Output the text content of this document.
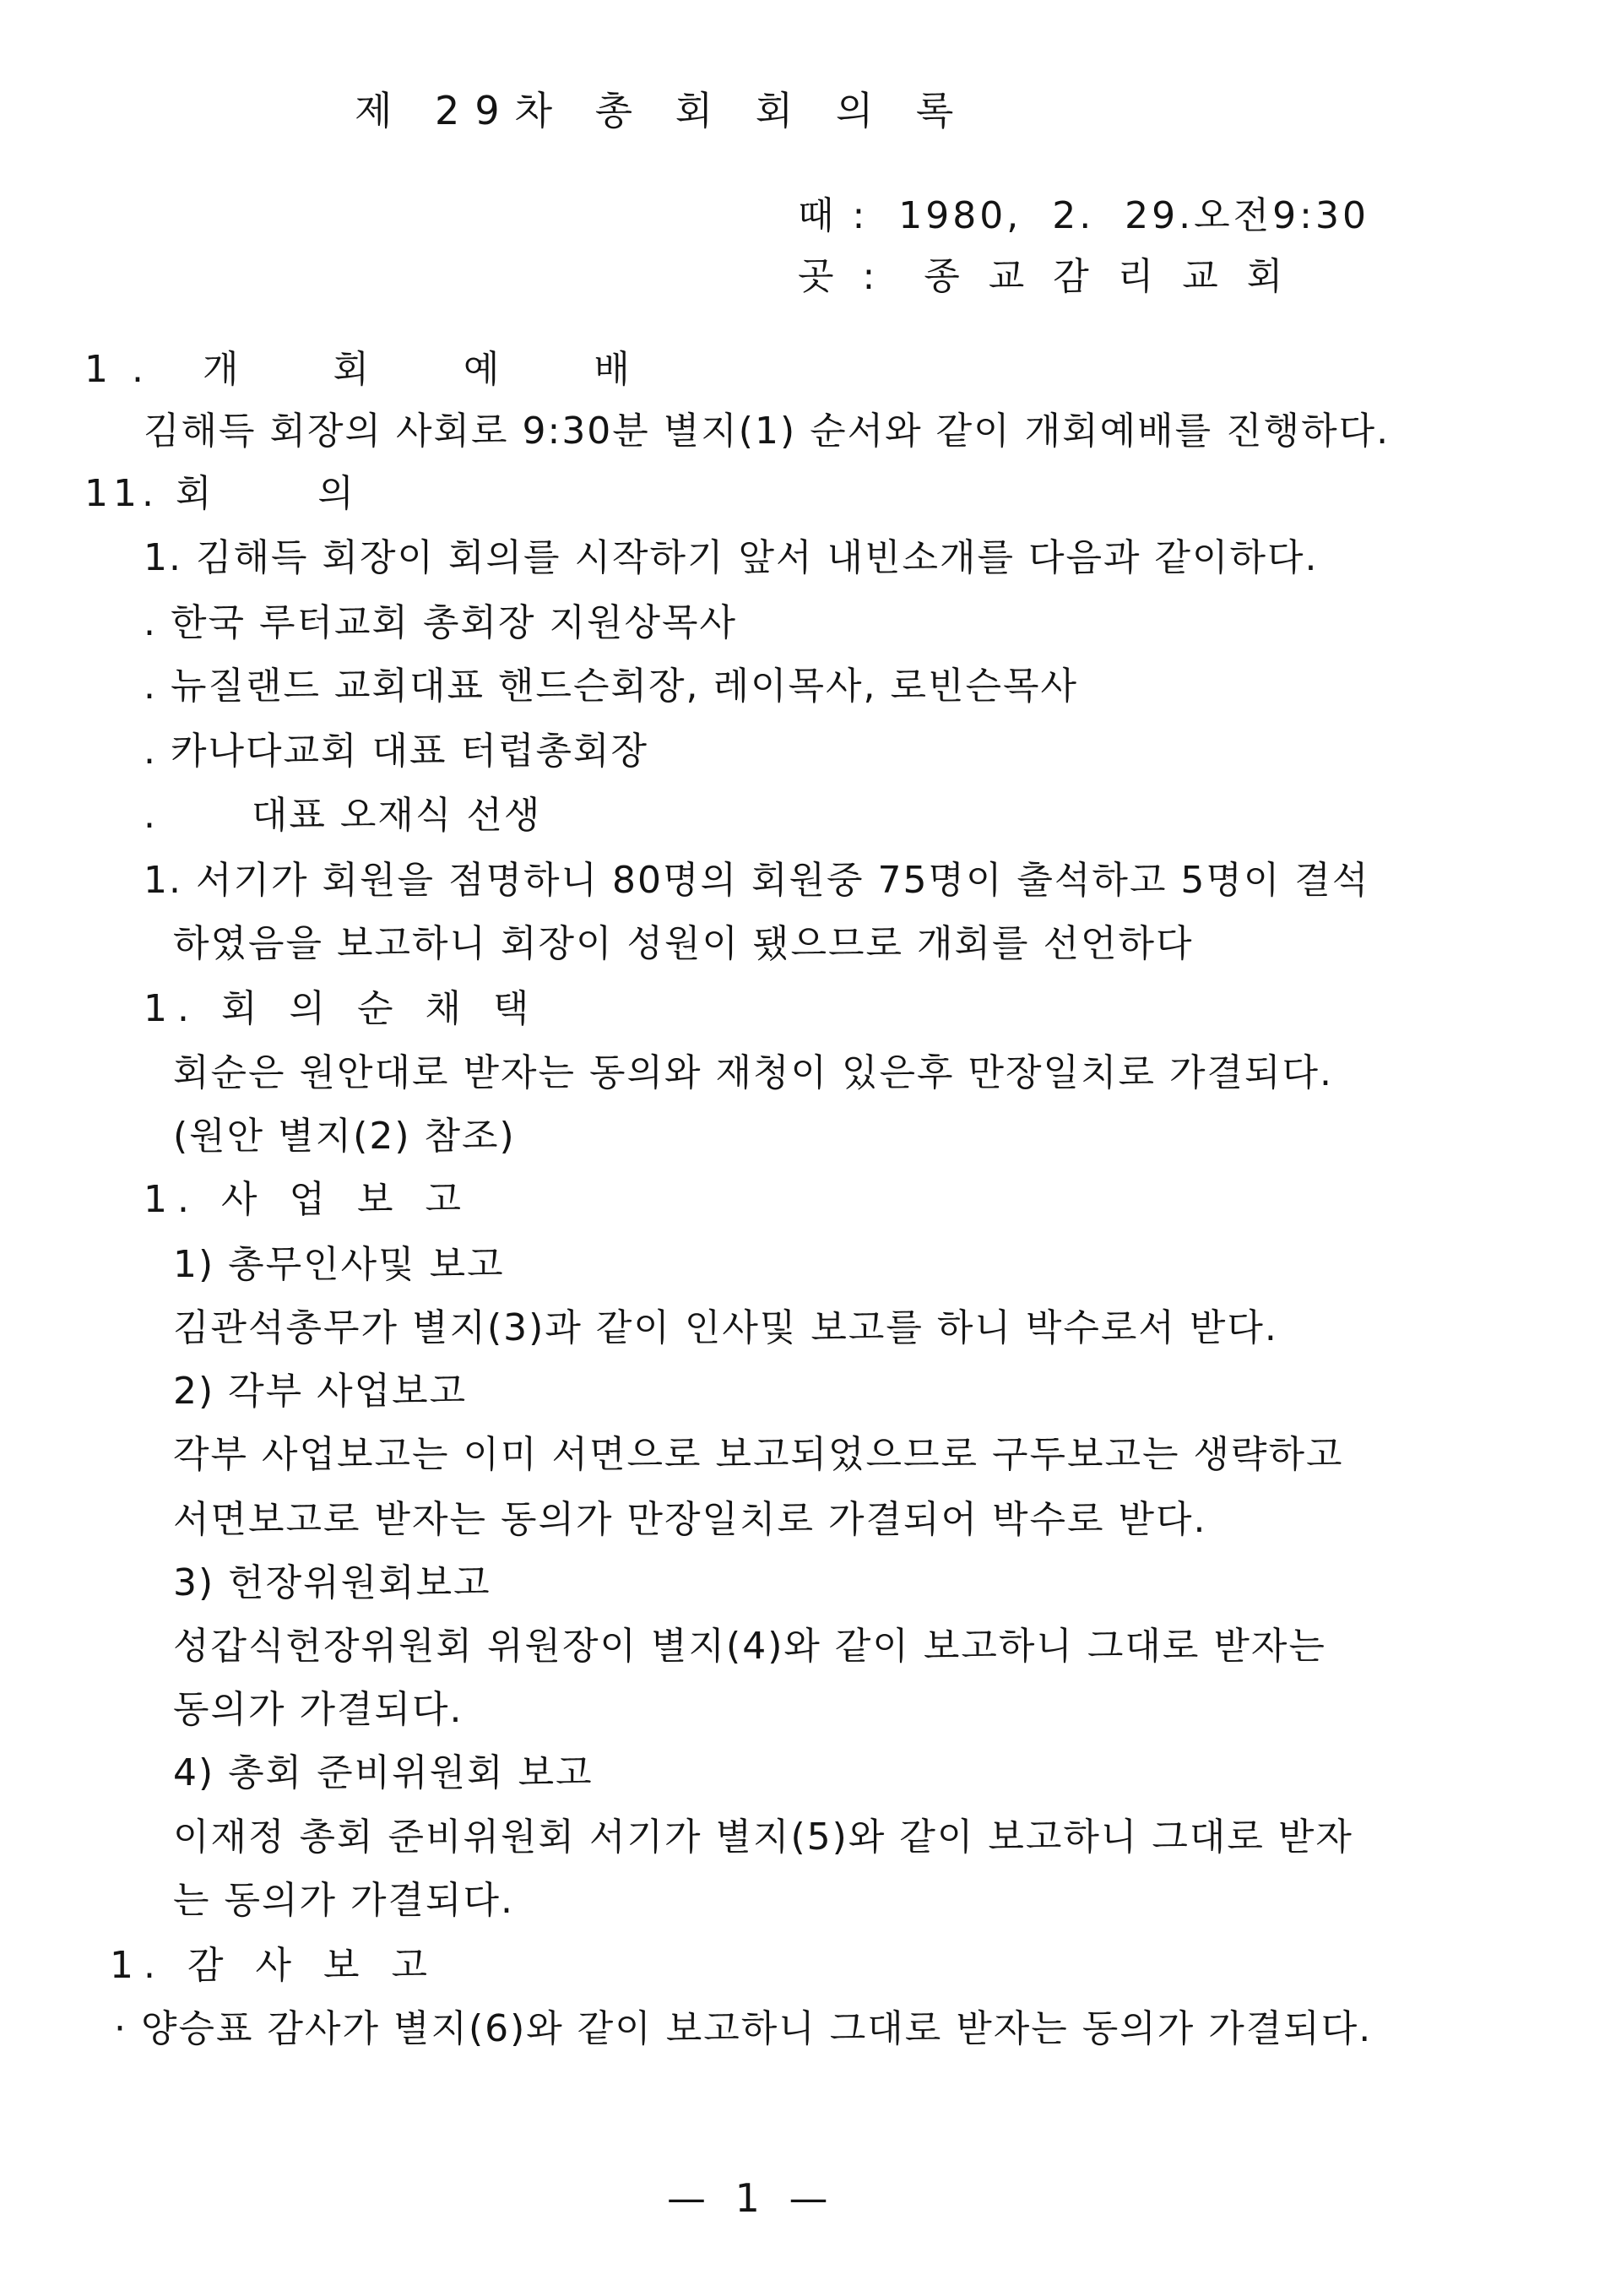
제 29차 총 회 회 의 록
때 :  1980,  2.  29.오전9:30
곳 :  종 교 감 리 교 회
1. 개  회  예  배
김해득 회장의 사회로 9:30분 별지(1) 순서와 같이 개회예배를 진행하다.
11. 회      의
1. 김해득 회장이 회의를 시작하기 앞서 내빈소개를 다음과 같이하다.
. 한국 루터교회 총회장 지원상목사
. 뉴질랜드 교회대표 핸드슨회장, 레이목사, 로빈슨목사
. 카나다교회 대표 터럽총회장
.       대표 오재식 선생
1. 서기가 회원을 점명하니 80명의 회원중 75명이 출석하고 5명이 결석
하였음을 보고하니 회장이 성원이 됐으므로 개회를 선언하다
1. 회 의 순 채 택
회순은 원안대로 받자는 동의와 재청이 있은후 만장일치로 가결되다.
(원안 별지(2) 참조)
1. 사 업 보 고
1) 총무인사및 보고
김관석총무가 별지(3)과 같이 인사및 보고를 하니 박수로서 받다.
2) 각부 사업보고
각부 사업보고는 이미 서면으로 보고되었으므로 구두보고는 생략하고
서면보고로 받자는 동의가 만장일치로 가결되어 박수로 받다.
3) 헌장위원회보고
성갑식헌장위원회 위원장이 별지(4)와 같이 보고하니 그대로 받자는
동의가 가결되다.
4) 총회 준비위원회 보고
이재정 총회 준비위원회 서기가 별지(5)와 같이 보고하니 그대로 받자
는 동의가 가결되다.
1. 감 사 보 고
· 양승표 감사가 별지(6)와 같이 보고하니 그대로 받자는 동의가 가결되다.
— 1 —
